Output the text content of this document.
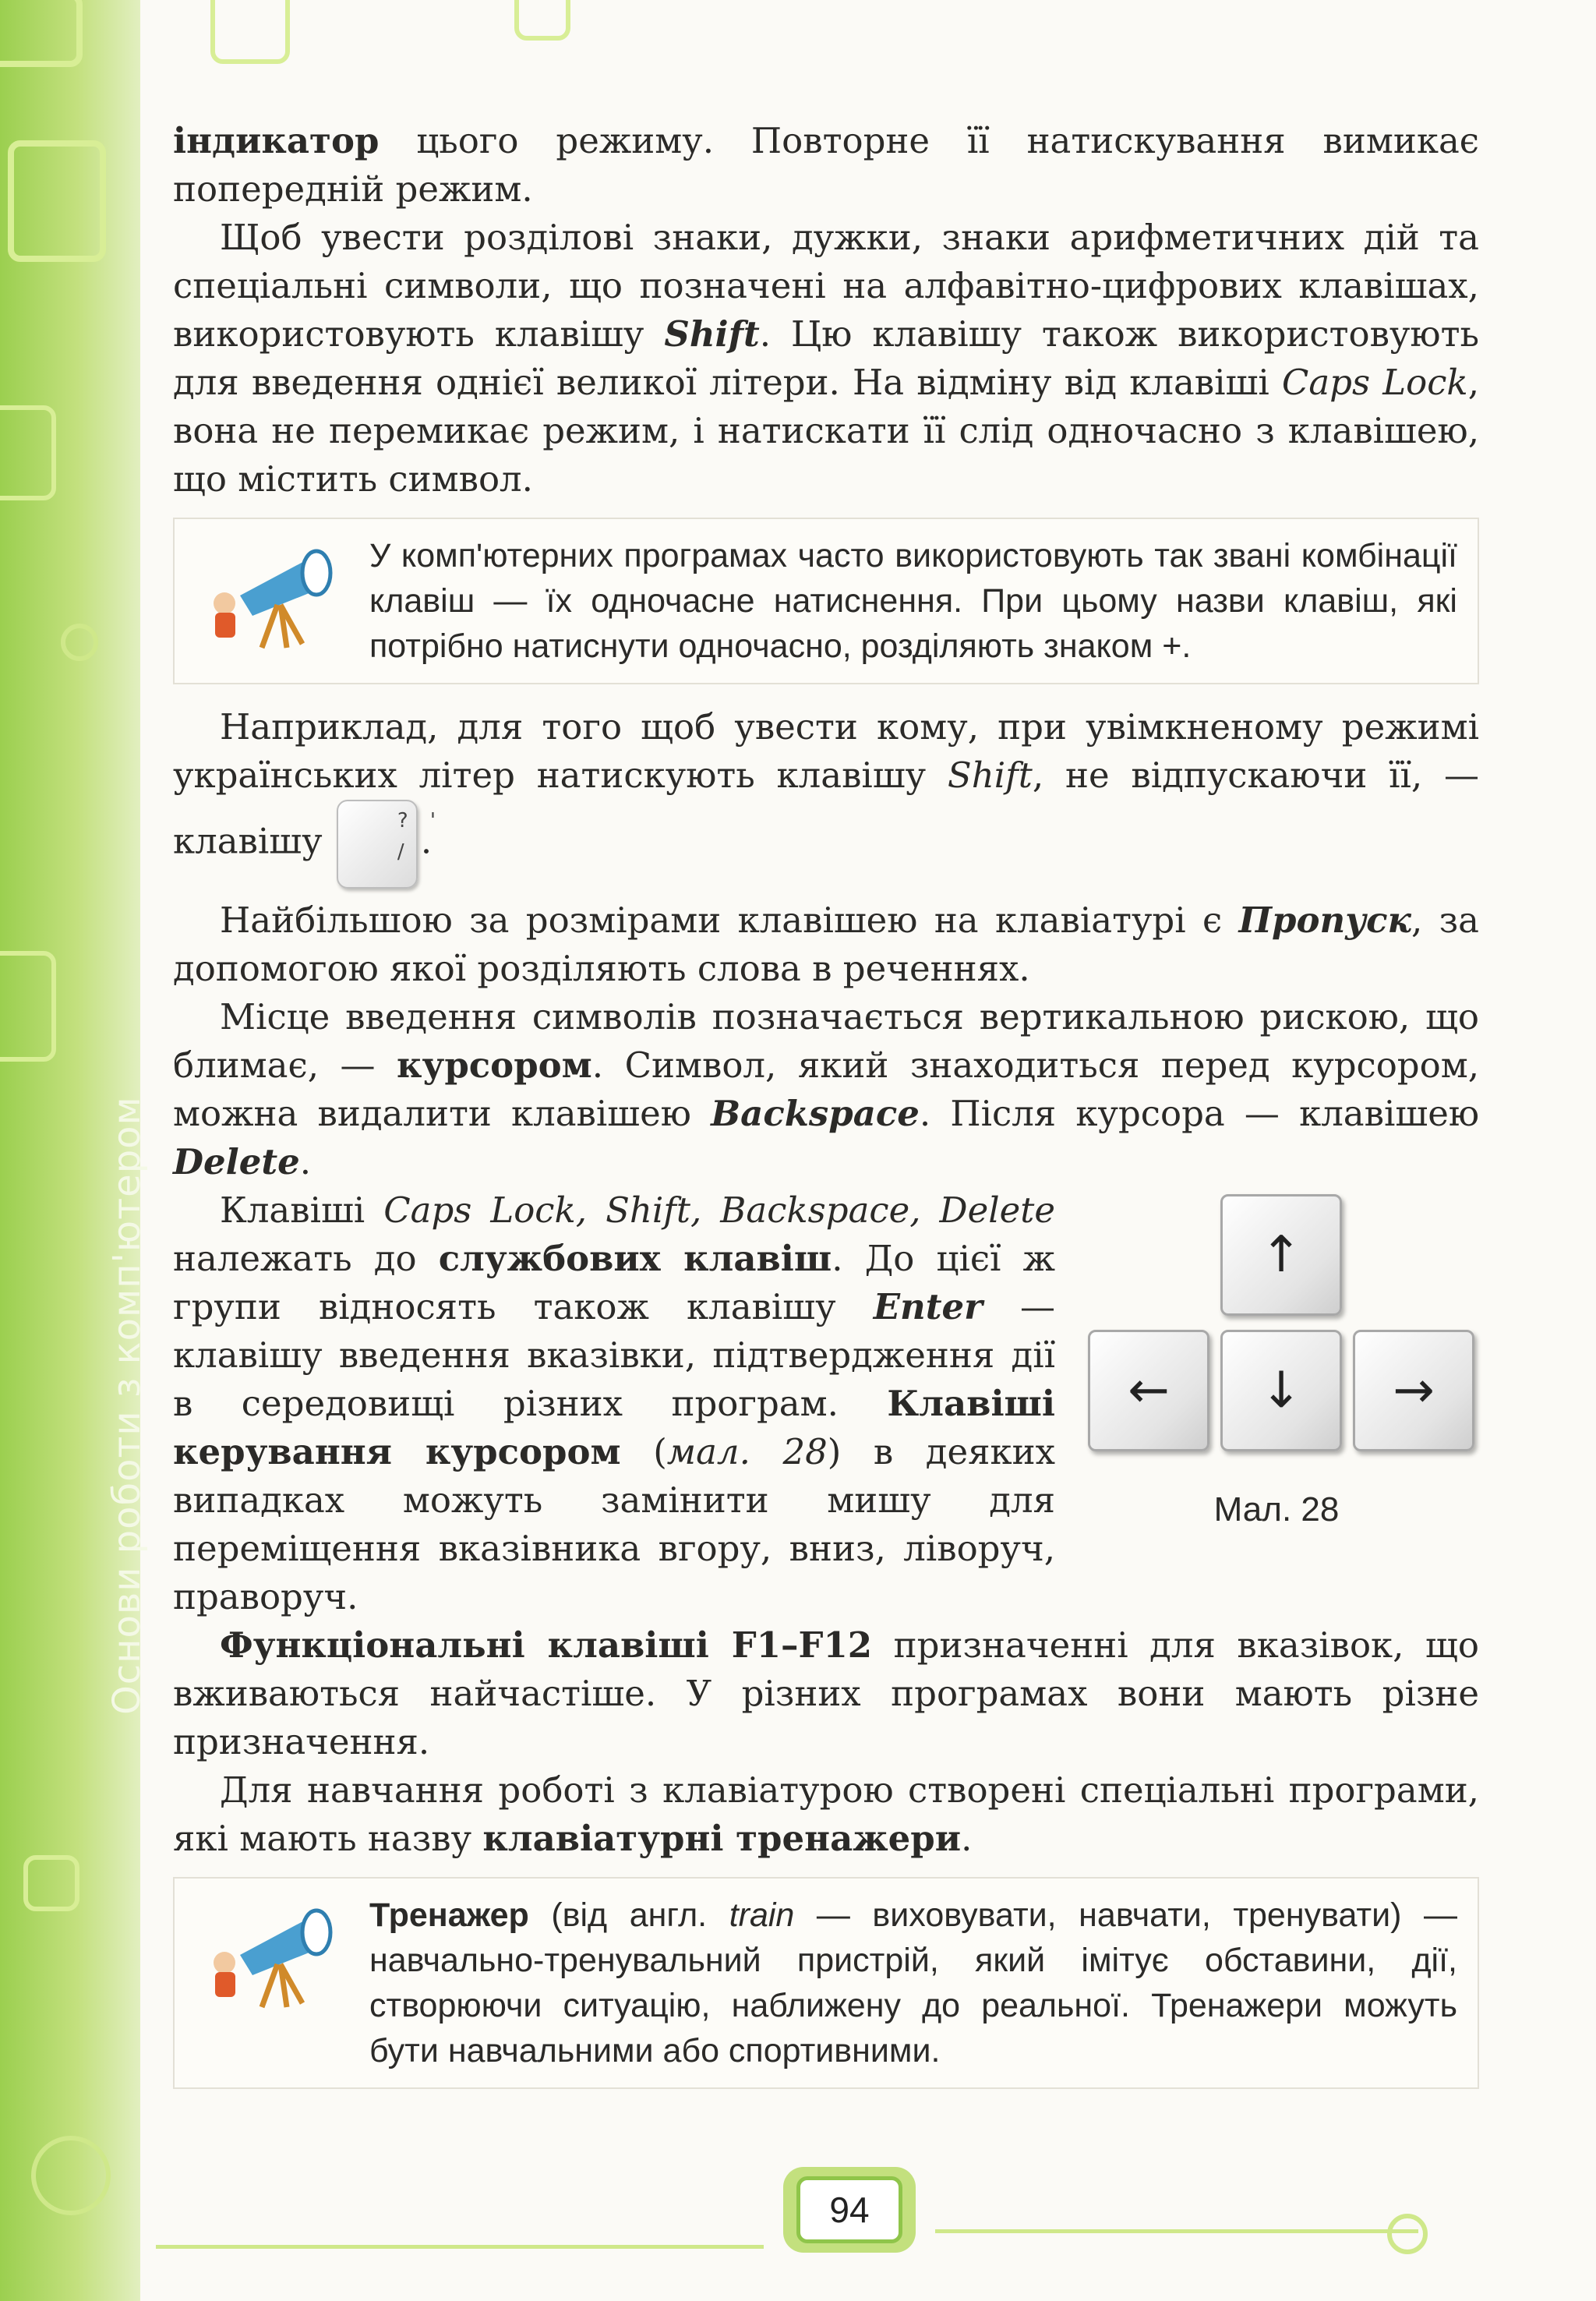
Основи роботи з комп'ютером

індикатор цього режиму. Повторне її натискування вимикає попередній режим.

Щоб увести розділові знаки, дужки, знаки арифметичних дій та спеціальні символи, що позначені на алфавітно-цифрових клавішах, використовують клавішу Shift. Цю клавішу також використовують для введення однієї великої літери. На відміну від клавіші Caps Lock, вона не перемикає режим, і натискати її слід одночасно з клавішею, що містить символ.

У комп'ютерних програмах часто використовують так звані комбінації клавіш — їх одночасне натиснення. При цьому назви клавіш, які потрібно натиснути одночасно, розділяють знаком +.

Наприклад, для того щоб увести кому, при увімкненому режимі українських літер натискують клавішу Shift, не відпускаючи її, — клавішу	?	'
/ .

Найбільшою за розмірами клавішею на клавіатурі є Пропуск, за допомогою якої розділяють слова в реченнях.

Місце введення символів позначається вертикальною рискою, що блимає, — курсором. Символ, який знаходиться перед курсором, можна видалити клавішею Backspace. Після курсора — клавішею Delete.

↑
←	↓	→
Мал. 28

Клавіші Caps Lock, Shift, Backspace, Delete належать до службових клавіш. До цієї ж групи відносять також клавішу Enter — клавішу введення вказівки, підтвердження дії в середовищі різних програм. Клавіші керування курсором (мал. 28) в деяких випадках можуть замінити мишу для переміщення вказівника вгору, вниз, ліворуч, праворуч.

Функціональні клавіші F1–F12 призначенні для вказівок, що вживаються найчастіше. У різних програмах вони мають різне призначення.

Для навчання роботі з клавіатурою створені спеціальні програми, які мають назву клавіатурні тренажери.

Тренажер (від англ. train — виховувати, навчати, тренувати) — навчально-тренувальний пристрій, який імітує обставини, дії, створюючи ситуацію, наближену до реальної. Тренажери можуть бути навчальними або спортивними.
94
